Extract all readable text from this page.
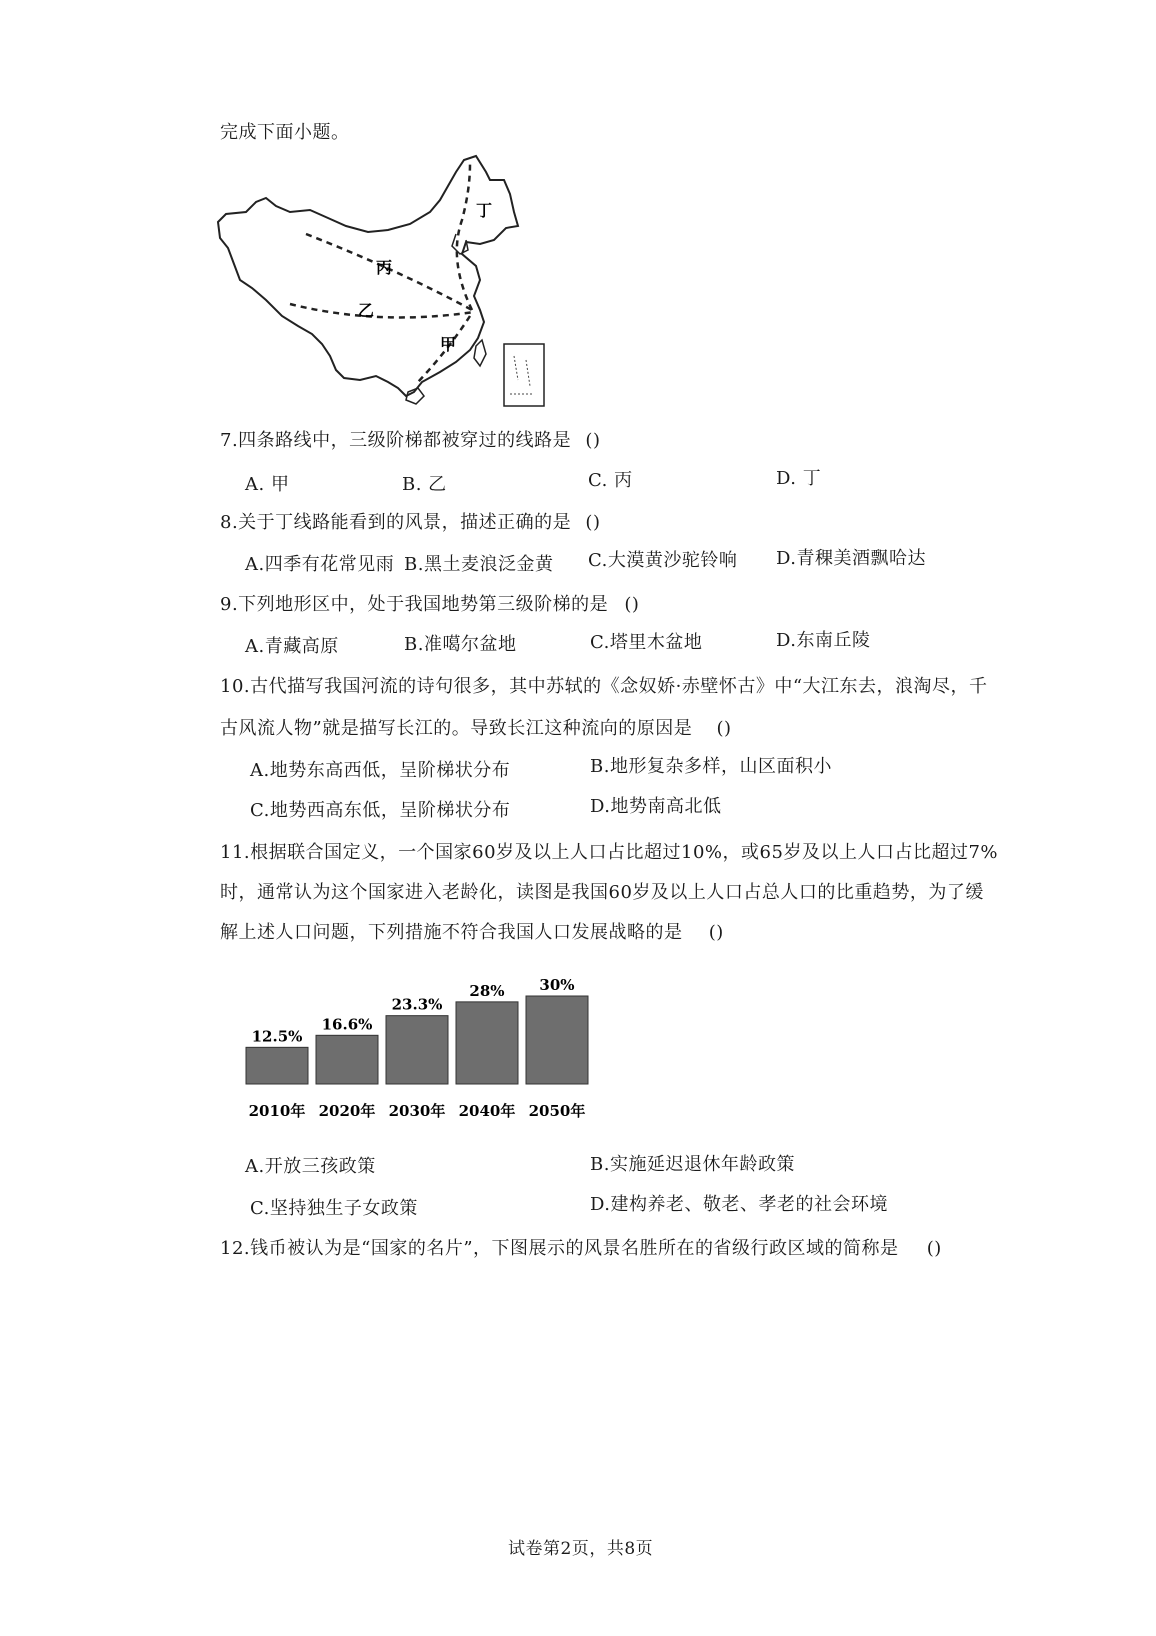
完成下面小题。
甲
乙
丙
丁
7.四条路线中，三级阶梯都被穿过的线路是 ()
A. 甲	B. 乙	C. 丙	D. 丁
8.关于丁线路能看到的风景，描述正确的是 ()
A.四季有花常见雨 B.黑土麦浪泛金黄 C.大漠黄沙驼铃响 D.青稞美酒飘哈达
9.下列地形区中，处于我国地势第三级阶梯的是 ()
A.青藏高原	B.准噶尔盆地	C.塔里木盆地	D.东南丘陵
10.古代描写我国河流的诗句很多，其中苏轼的《念奴娇·赤壁怀古》中“大江东去，浪淘尽，千
古风流人物”就是描写长江的。导致长江这种流向的原因是 ()
A.地势东高西低，呈阶梯状分布	B.地形复杂多样，山区面积小
C.地势西高东低，呈阶梯状分布	D.地势南高北低
11.根据联合国定义，一个国家60岁及以上人口占比超过10%，或65岁及以上人口占比超过7%
时，通常认为这个国家进入老龄化，读图是我国60岁及以上人口占总人口的比重趋势，为了缓
解上述人口问题，下列措施不符合我国人口发展战略的是 ()
12.5%
2010年
16.6%
2020年
23.3%
2030年
28%
2040年
30%
2050年
A.开放三孩政策	B.实施延迟退休年龄政策
C.坚持独生子女政策	D.建构养老、敬老、孝老的社会环境
12.钱币被认为是“国家的名片”，下图展示的风景名胜所在的省级行政区域的简称是 ()
试卷第2页，共8页
